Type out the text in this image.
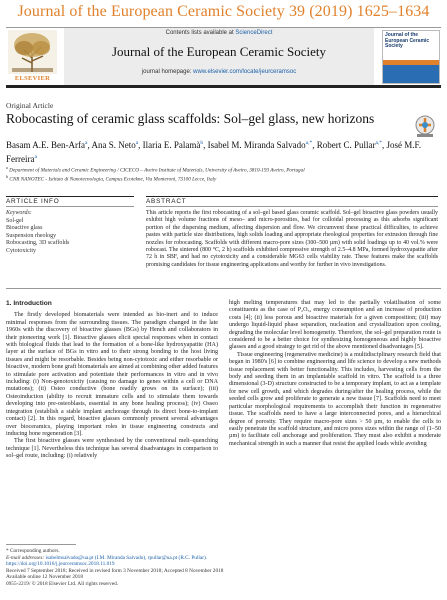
Journal of the European Ceramic Society 39 (2019) 1625–1634
ELSEVIER
Contents lists available at ScienceDirect
Journal of the European Ceramic Society
journal homepage: www.elsevier.com/locate/jeurceramsoc
Journal of the European Ceramic Society
Original Article
Robocasting of ceramic glass scaffolds: Sol–gel glass, new horizons
Basam A.E. Ben-Arfa$^a$, Ana S. Neto$^a$, Ilaria E. Palamà$^b$, Isabel M. Miranda Salvado$^{a,*}$, Robert C. Pullar$^{a,*}$, José M.F. Ferreira$^a$
$^a$ Department of Materials and Ceramic Engineering / CICECO – Aveiro Institute of Materials, University of Aveiro, 3810-193 Aveiro, Portugal
$^b$ CNR NANOTEC - Istituto di Nanotecnologia, Campus Ecotekne, Via Monteroni, 73100 Lecce, Italy
ARTICLE INFO	ABSTRACT
Keywords:
Sol-gel
Bioactive glass
Suspension rheology
Robocasting, 3D scaffolds
Cytotoxicity
This article reports the first robocasting of a sol–gel based glass ceramic scaffold. Sol–gel bioactive glass powders usually exhibit high volume fractions of meso– and micro-porosities, bad for colloidal processing as this adsorbs significant portion of the dispersing medium, affecting dispersion and flow. We circumvent these practical difficulties, to achieve pastes with particle size distributions, high solids loading and appropriate rheological properties for extrusion through fine nozzles for robocasting. Scaffolds with different macro-pore sizes (300–500 µm) with solid loadings up to 40 vol.% were robocast. The sintered (800 °C, 2 h) scaffolds exhibited compressive strength of 2.5–4.8 MPa, formed hydroxyapatite after 72 h in SBF, and had no cytotoxicity and a considerable MG63 cells viability rate. These features make the scaffolds promising candidates for tissue engineering applications and worthy for further in vivo investigations.
1. Introduction

The firstly developed biomaterials were intended as bio-inert and to induce minimal responses from the surrounding tissues. The paradigm changed in the late 1960s with the discovery of bioactive glasses (BGs) by Hench and collaborators in their pioneering work [1]. Bioactive glasses elicit special responses when in contact with biological fluids that lead to the formation of a bone-like hydroxyapatite (HA) layer at the surface of BGs in vitro and to their strong bonding to the host living tissues and might be resorbable. Besides being non-cytotoxic and either resorbable or bioactive, modern bone graft biomaterials are aimed at combining other added features to stimulate pore activation and potentiate their performances in vitro and in vivo including: (i) Non-genotoxicity (causing no damage to genes within a cell or DNA mutations); (ii) Osteo conductive (bone readily grows on its surface); (iii) Osteoinduction (ability to recruit immature cells and to stimulate them towards developing into pre-osteoblasts, essential in any bone healing process); (iv) Osseo integration (establish a stable implant anchorage through its direct bone-to-implant contact) [2]. In this regard, bioactive glasses commonly present several advantages over bioceramics, playing important roles in tissue engineering constructs and inducing bone regeneration [3].

The first bioactive glasses were synthesised by the conventional melt–quenching technique [1]. Nevertheless this technique has several disadvantages in comparison to sol–gel route, including: (i) relatively

high melting temperatures that may led to the partially volatilisation of some constituents as the case of P₂O₅, energy consumption and an increase of production costs [4]; (ii) less porous and bioactive materials for a given composition; (iii) may undergo liquid-liquid phase separation, nucleation and crystallization upon cooling, degrading the molecular level homogeneity. Therefore, the sol–gel preparation route is considered to be a better choice for synthesizing homogeneous and highly bioactive glasses and a good strategy to get rid of the above mentioned disadvantages [5].

Tissue engineering (regenerative medicine) is a multidisciplinary research field that began in 1980's [6] to combine engineering and life science to develop a new methods tissue replacement with better functionality. This includes, harvesting cells from the body and seeding them in an implantable scaffold in vitro. The scaffold is a three dimensional (3-D) structure constructed to be a temporary implant, to act as a template for new cell growth, and which degrades during/after the healing process, while the seeded cells grow and proliferate to generate a new tissue [7]. Scaffolds need to meet particular morphological requirements to accomplish their function in regenerative tissue. The scaffolds need to have a large interconnected pores, and a hierarchical degree of porosity. They require macro-pore sizes > 50 µm, to enable the cells to easily penetrate the scaffold structure, and micro pores sizes within the range of (1–50 µm) to facilitate cell anchorage and proliferation. They must also exhibit a moderate mechanical strength in such a manner that resist the applied loads while avoiding

* Corresponding authors.
E-mail addresses: isabelmsalvado@ua.pt (I.M. Miranda Salvado), rpullar@ua.pt (R.C. Pullar).
https://doi.org/10.1016/j.jeurceramsoc.2018.11.019
Received 7 September 2018; Received in revised form 3 November 2018; Accepted 8 November 2018
Available online 12 November 2018
0955-2219/ © 2018 Elsevier Ltd. All rights reserved.
